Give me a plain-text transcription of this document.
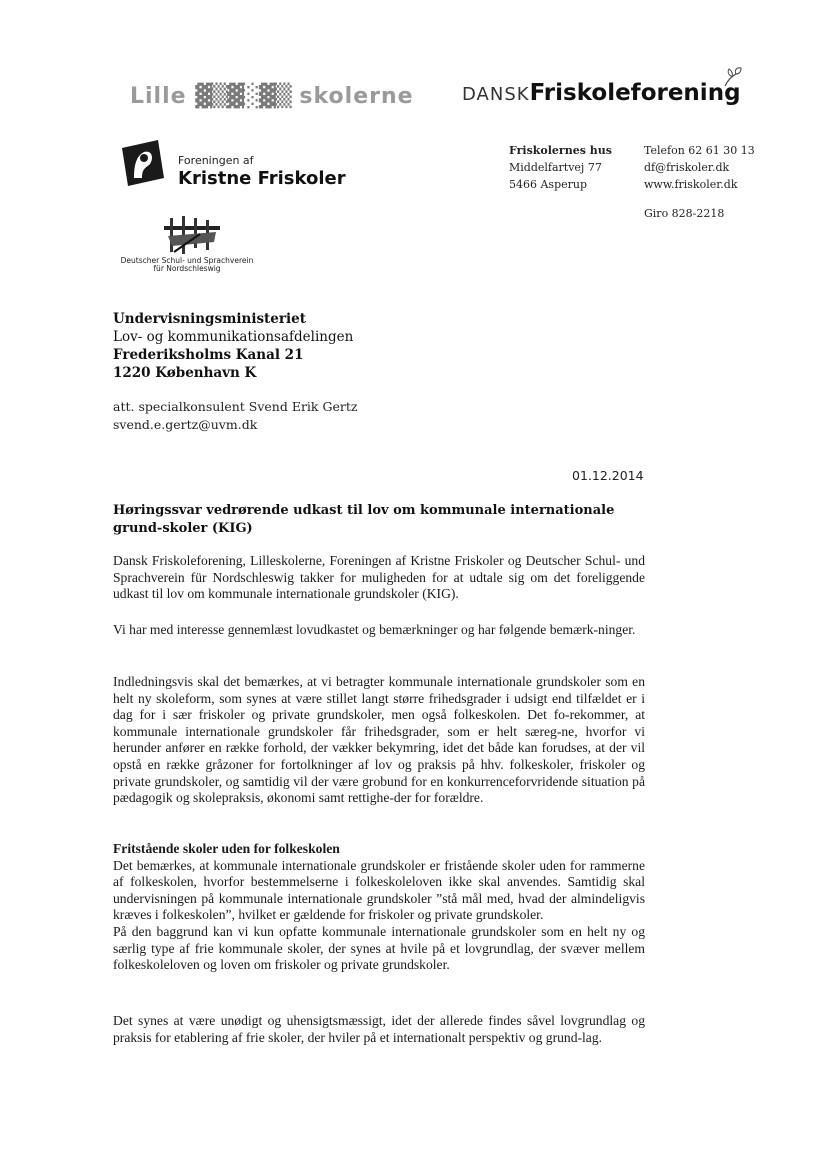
Lille ▓▒▓░▓▒ skolerne	DANSKFriskoleforening
Foreningen af
Kristne Friskoler
Deutscher Schul- und Sprachverein
für Nordschleswig
Friskolernes hus
Middelfartvej 77
5466 Asperup
Telefon 62 61 30 13
df@friskoler.dk
www.friskoler.dk
Giro 828-2218
Undervisningsministeriet
Lov- og kommunikationsafdelingen
Frederiksholms Kanal 21
1220 København K
att. specialkonsulent Svend Erik Gertz
svend.e.gertz@uvm.dk
01.12.2014
Høringssvar vedrørende udkast til lov om kommunale internationale grund-skoler (KIG)
Dansk Friskoleforening, Lilleskolerne, Foreningen af Kristne Friskoler og Deutscher Schul- und Sprachverein für Nordschleswig takker for muligheden for at udtale sig om det foreliggende udkast til lov om kommunale internationale grundskoler (KIG).
Vi har med interesse gennemlæst lovudkastet og bemærkninger og har følgende bemærk-ninger.
Indledningsvis skal det bemærkes, at vi betragter kommunale internationale grundskoler som en helt ny skoleform, som synes at være stillet langt større frihedsgrader i udsigt end tilfældet er i dag for i sær friskoler og private grundskoler, men også folkeskolen. Det fo-rekommer, at kommunale internationale grundskoler får frihedsgrader, som er helt særeg-ne, hvorfor vi herunder anfører en række forhold, der vækker bekymring, idet det både kan forudses, at der vil opstå en række gråzoner for fortolkninger af lov og praksis på hhv. folkeskoler, friskoler og private grundskoler, og samtidig vil der være grobund for en konkurrenceforvridende situation på pædagogik og skolepraksis, økonomi samt rettighe-der for forældre.

Fritstående skoler uden for folkeskolen

Det bemærkes, at kommunale internationale grundskoler er fristående skoler uden for rammerne af folkeskolen, hvorfor bestemmelserne i folkeskoleloven ikke skal anvendes. Samtidig skal undervisningen på kommunale internationale grundskoler ”stå mål med, hvad der almindeligvis kræves i folkeskolen”, hvilket er gældende for friskoler og private grundskoler.

På den baggrund kan vi kun opfatte kommunale internationale grundskoler som en helt ny og særlig type af frie kommunale skoler, der synes at hvile på et lovgrundlag, der svæver mellem folkeskoleloven og loven om friskoler og private grundskoler.

Det synes at være unødigt og uhensigtsmæssigt, idet der allerede findes såvel lovgrundlag og praksis for etablering af frie skoler, der hviler på et internationalt perspektiv og grund-lag.
